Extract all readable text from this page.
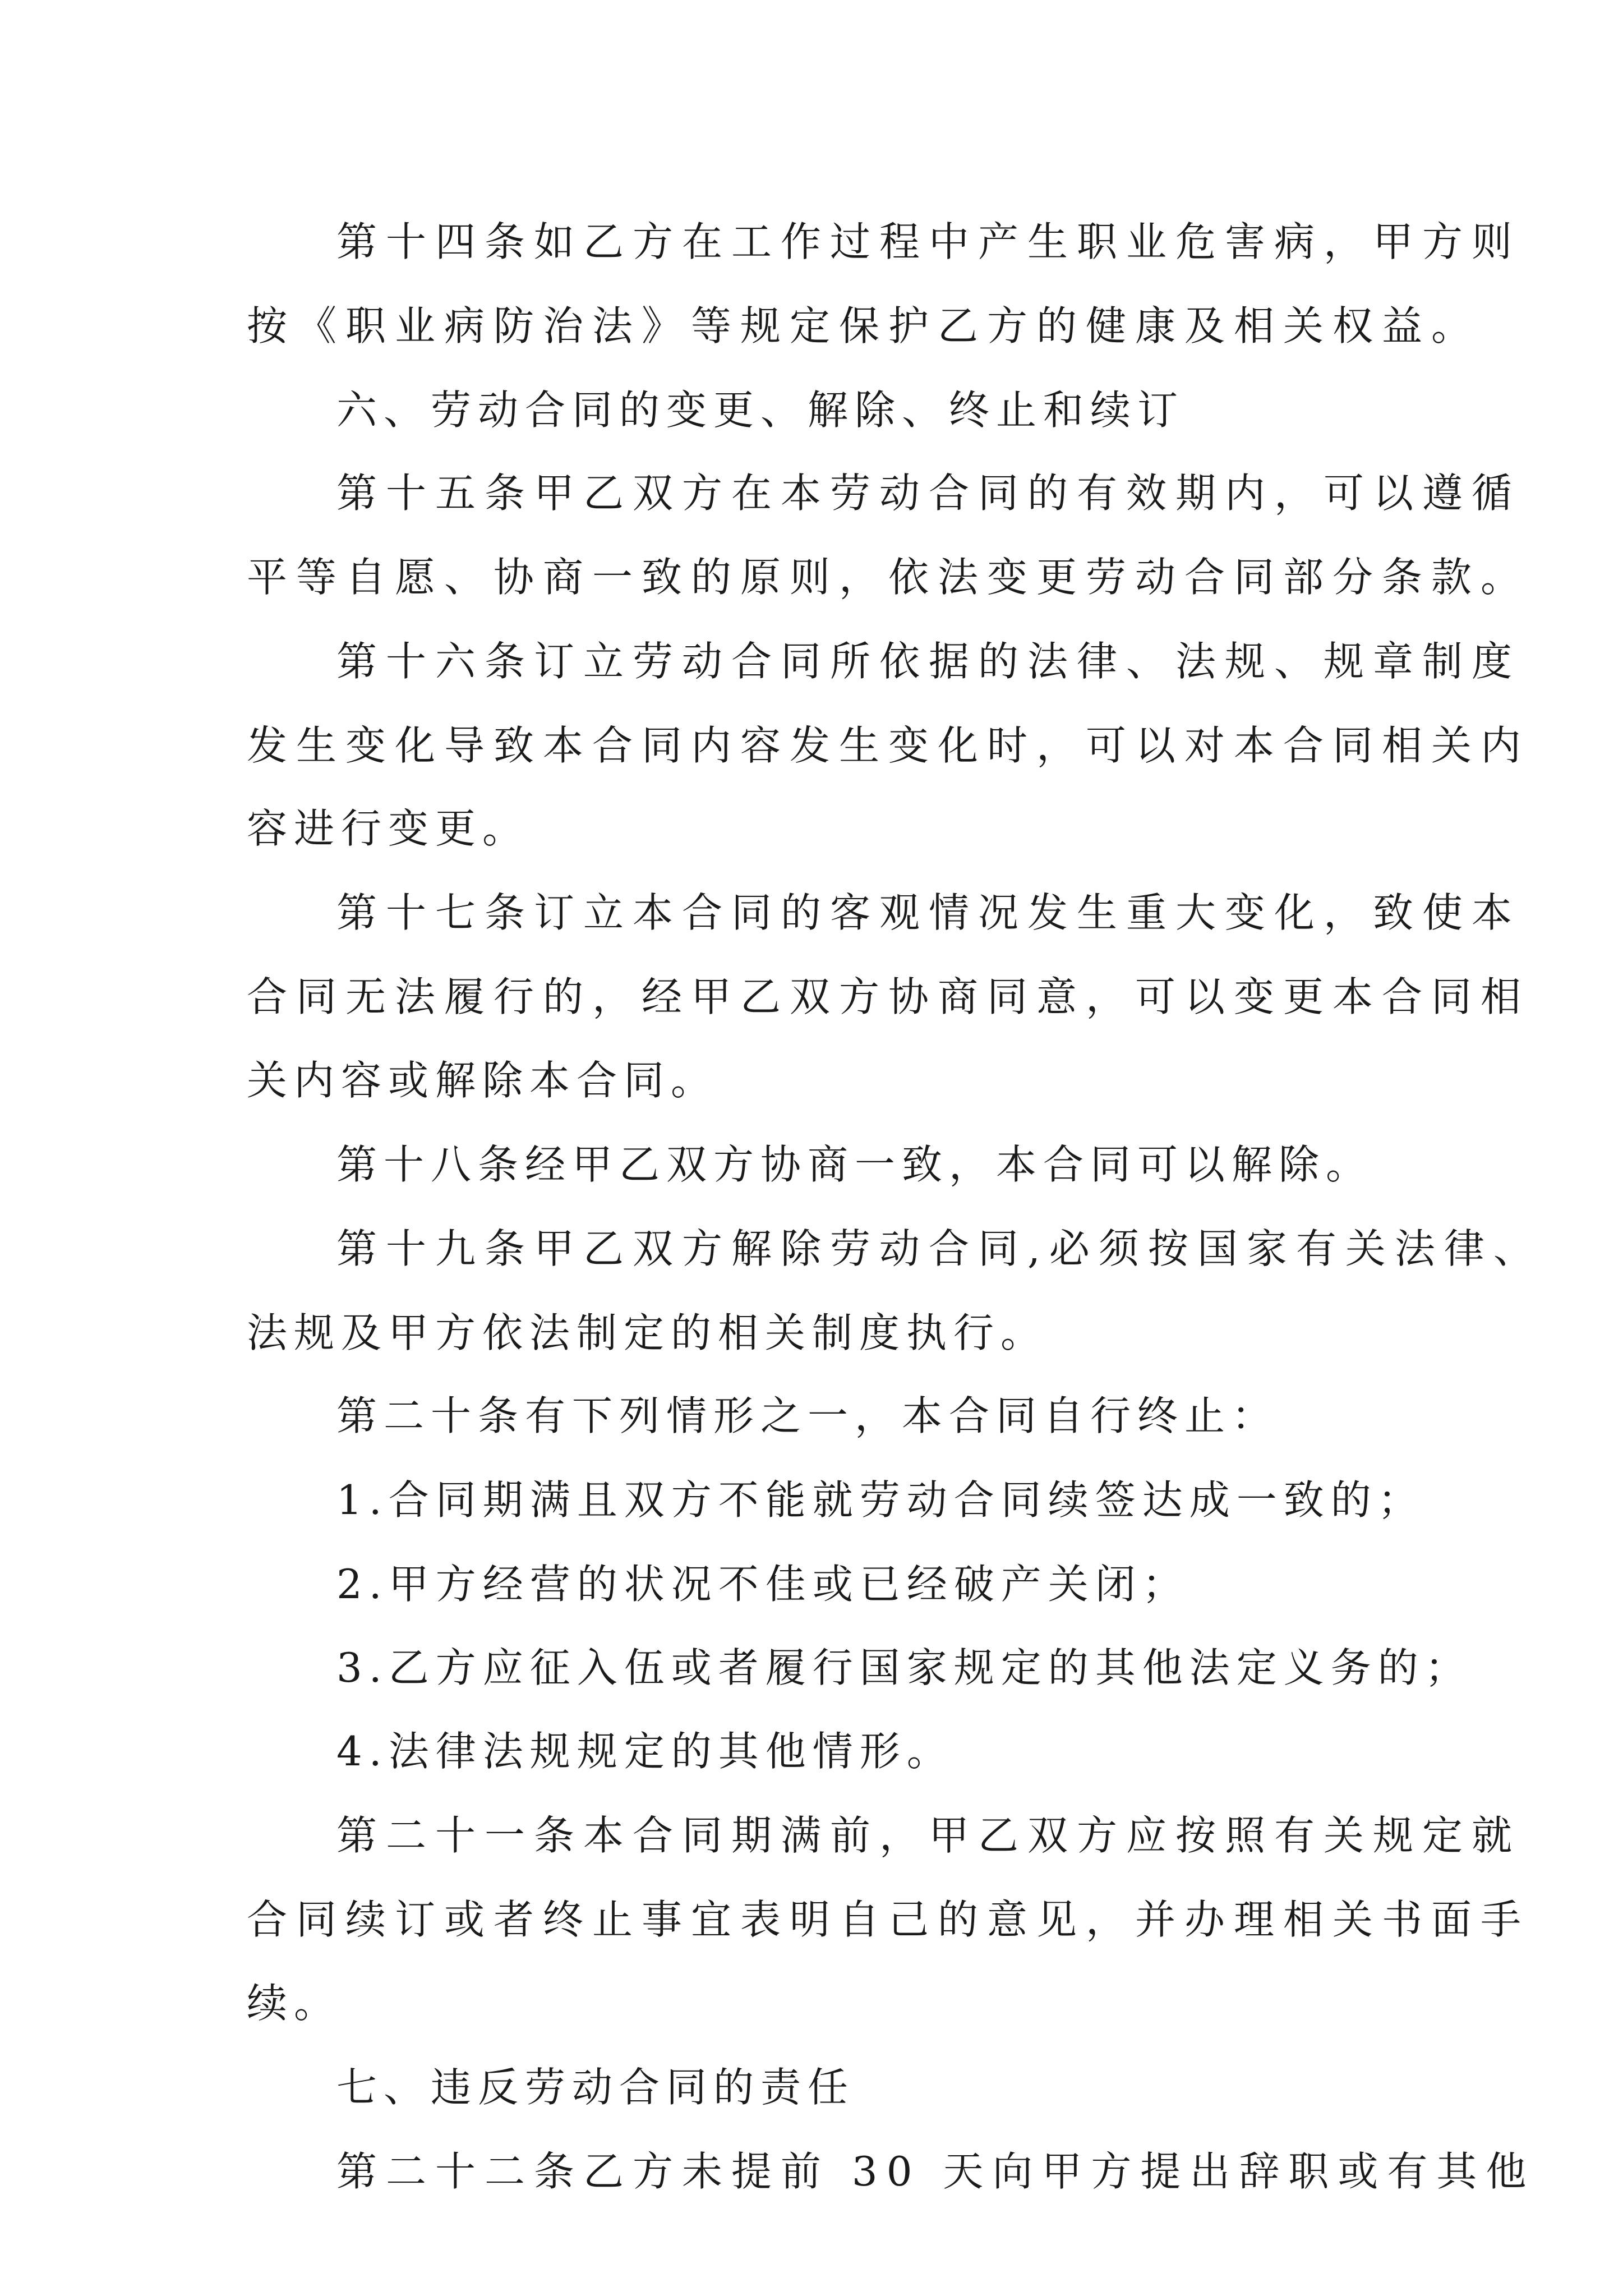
第十四条如乙方在工作过程中产生职业危害病，甲方则

按《职业病防治法》等规定保护乙方的健康及相关权益。

六、劳动合同的变更、解除、终止和续订

第十五条甲乙双方在本劳动合同的有效期内，可以遵循

平等自愿、协商一致的原则，依法变更劳动合同部分条款。

第十六条订立劳动合同所依据的法律、法规、规章制度

发生变化导致本合同内容发生变化时，可以对本合同相关内

容进行变更。

第十七条订立本合同的客观情况发生重大变化，致使本

合同无法履行的，经甲乙双方协商同意，可以变更本合同相

关内容或解除本合同。

第十八条经甲乙双方协商一致，本合同可以解除。

第十九条甲乙双方解除劳动合同,必须按国家有关法律、

法规及甲方依法制定的相关制度执行。

第二十条有下列情形之一，本合同自行终止：

1.合同期满且双方不能就劳动合同续签达成一致的；

2.甲方经营的状况不佳或已经破产关闭；

3.乙方应征入伍或者履行国家规定的其他法定义务的；

4.法律法规规定的其他情形。

第二十一条本合同期满前，甲乙双方应按照有关规定就

合同续订或者终止事宜表明自己的意见，并办理相关书面手

续。

七、违反劳动合同的责任

第二十二条乙方未提前 30 天向甲方提出辞职或有其他
